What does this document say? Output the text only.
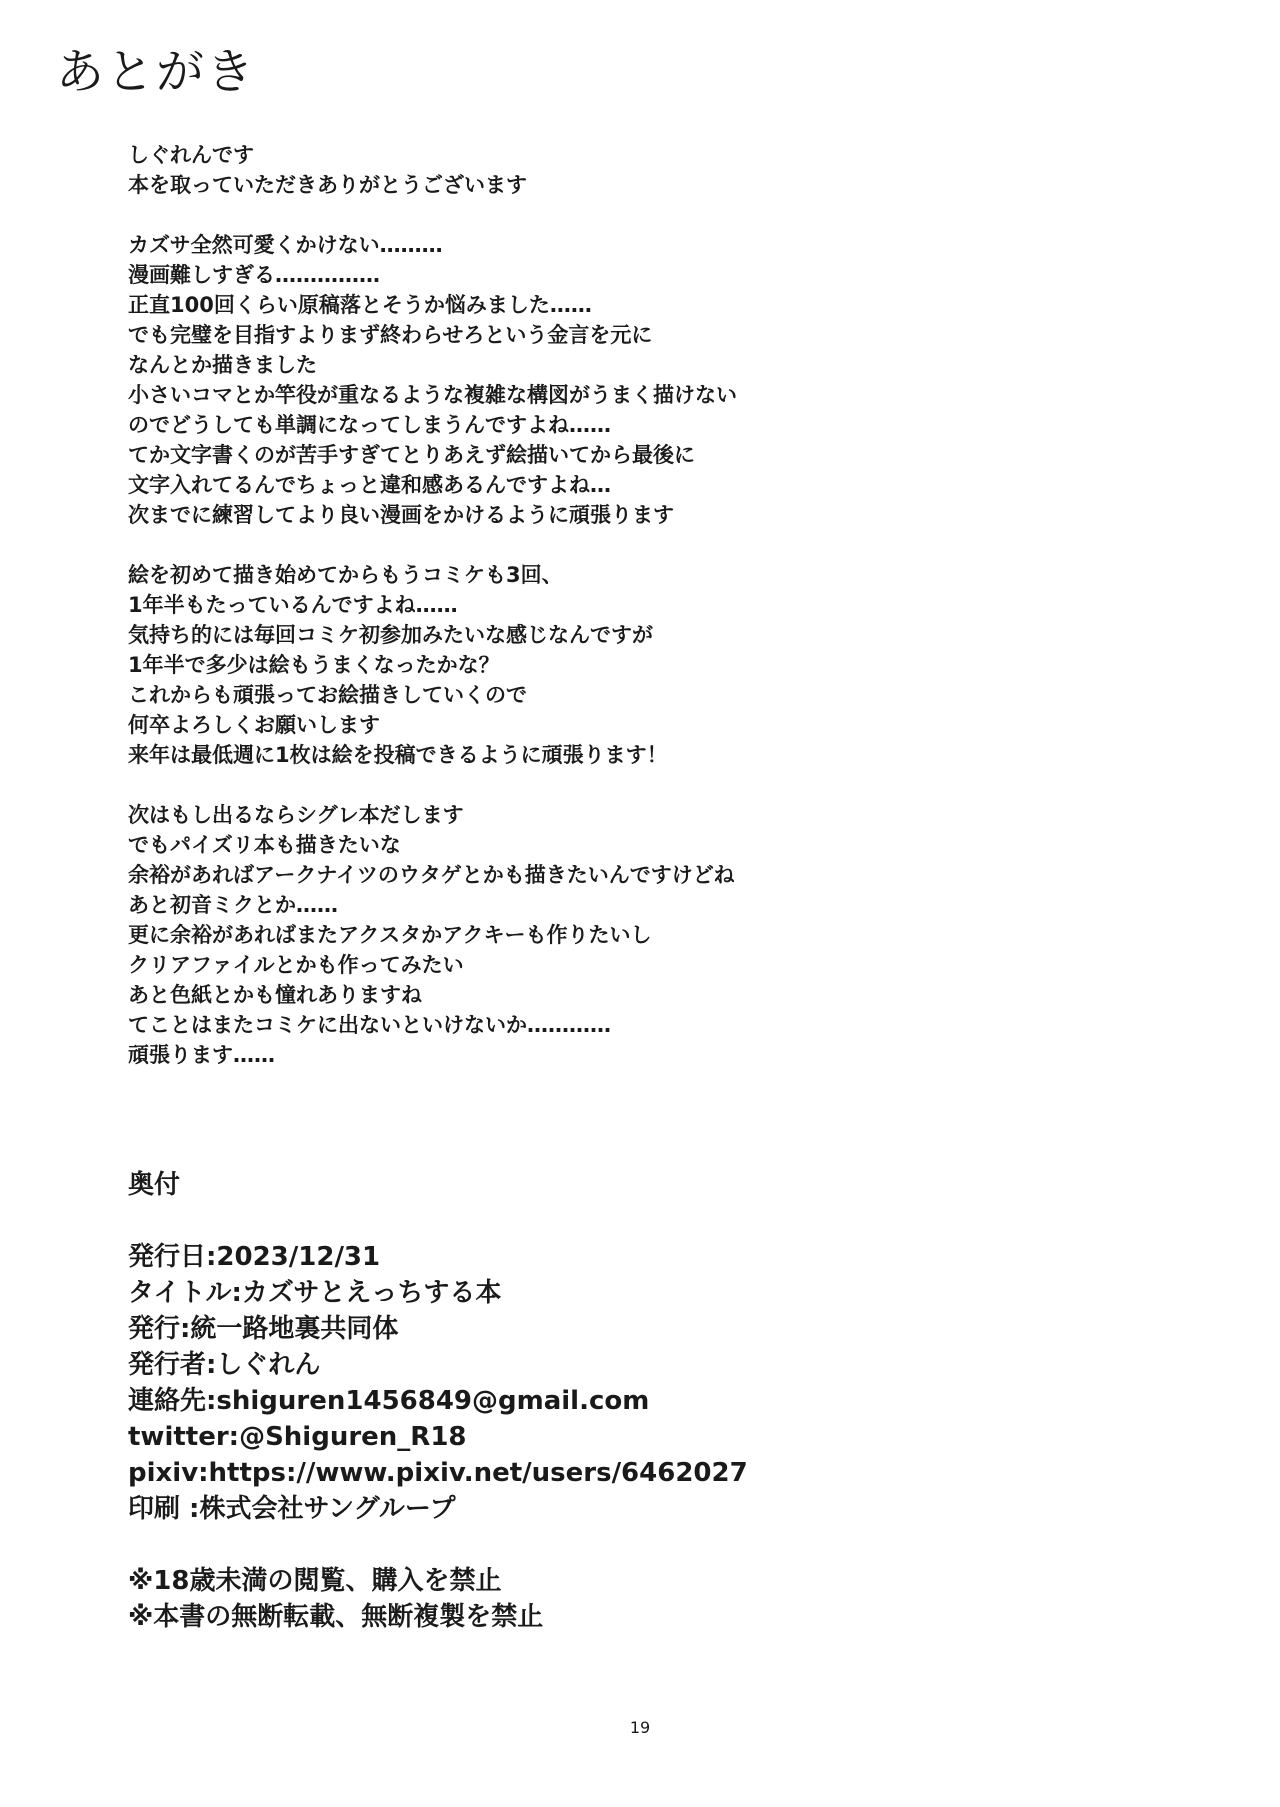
あとがき
しぐれんです
本を取っていただきありがとうございます
カズサ全然可愛くかけない………
漫画難しすぎる……………
正直100回くらい原稿落とそうか悩みました……
でも完璧を目指すよりまず終わらせろという金言を元に
なんとか描きました
小さいコマとか竿役が重なるような複雑な構図がうまく描けない
のでどうしても単調になってしまうんですよね……
てか文字書くのが苦手すぎてとりあえず絵描いてから最後に
文字入れてるんでちょっと違和感あるんですよね…
次までに練習してより良い漫画をかけるように頑張ります
絵を初めて描き始めてからもうコミケも3回、
1年半もたっているんですよね……
気持ち的には毎回コミケ初参加みたいな感じなんですが
1年半で多少は絵もうまくなったかな？
これからも頑張ってお絵描きしていくので
何卒よろしくお願いします
来年は最低週に1枚は絵を投稿できるように頑張ります！
次はもし出るならシグレ本だします
でもパイズリ本も描きたいな
余裕があればアークナイツのウタゲとかも描きたいんですけどね
あと初音ミクとか……
更に余裕があればまたアクスタかアクキーも作りたいし
クリアファイルとかも作ってみたい
あと色紙とかも憧れありますね
てことはまたコミケに出ないといけないか…………
頑張ります……
奥付
発行日:2023/12/31
タイトル:カズサとえっちする本
発行:統一路地裏共同体
発行者:しぐれん
連絡先:shiguren1456849@gmail.com
twitter:@Shiguren_R18
pixiv:https://www.pixiv.net/users/6462027
印刷 :株式会社サングループ
※18歳未満の閲覧、購入を禁止
※本書の無断転載、無断複製を禁止
19
